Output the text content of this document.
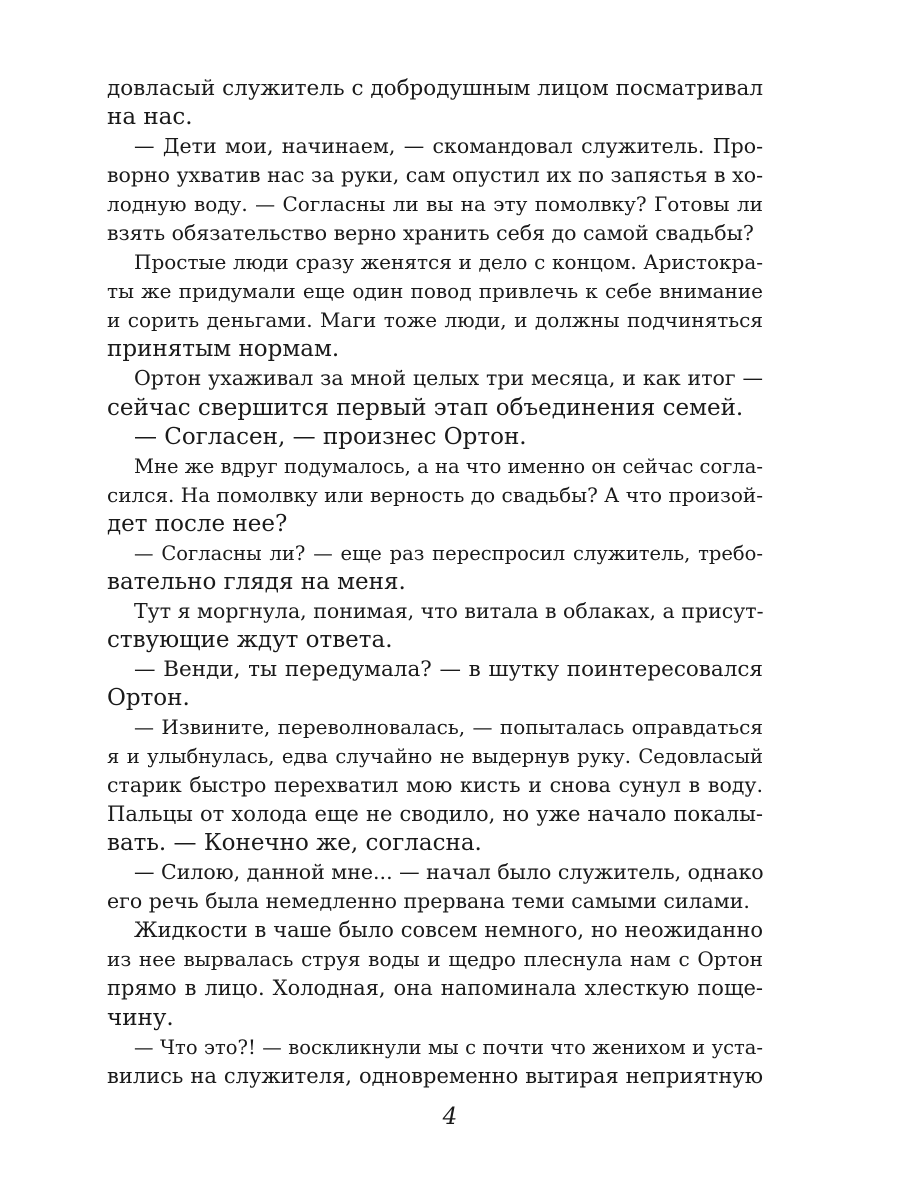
довласый служитель с добродушным лицом посматривал
на нас.
— Дети мои, начинаем, — скомандовал служитель. Про-
ворно ухватив нас за руки, сам опустил их по запястья в хо-
лодную воду. — Согласны ли вы на эту помолвку? Готовы ли
взять обязательство верно хранить себя до самой свадьбы?
Простые люди сразу женятся и дело с концом. Аристокра-
ты же придумали еще один повод привлечь к себе внимание
и сорить деньгами. Маги тоже люди, и должны подчиняться
принятым нормам.
Ортон ухаживал за мной целых три месяца, и как итог —
сейчас свершится первый этап объединения семей.
— Согласен, — произнес Ортон.
Мне же вдруг подумалось, а на что именно он сейчас согла-
сился. На помолвку или верность до свадьбы? А что произой-
дет после нее?
— Согласны ли? — еще раз переспросил служитель, требо-
вательно глядя на меня.
Тут я моргнула, понимая, что витала в облаках, а присут-
ствующие ждут ответа.
— Венди, ты передумала? — в шутку поинтересовался
Ортон.
— Извините, переволновалась, — попыталась оправдаться
я и улыбнулась, едва случайно не выдернув руку. Седовласый
старик быстро перехватил мою кисть и снова сунул в воду.
Пальцы от холода еще не сводило, но уже начало покалы-
вать. — Конечно же, согласна.
— Силою, данной мне... — начал было служитель, однако
его речь была немедленно прервана теми самыми силами.
Жидкости в чаше было совсем немного, но неожиданно
из нее вырвалась струя воды и щедро плеснула нам с Ортон
прямо в лицо. Холодная, она напоминала хлесткую поще-
чину.
— Что это?! — воскликнули мы с почти что женихом и уста-
вились на служителя, одновременно вытирая неприятную
4
